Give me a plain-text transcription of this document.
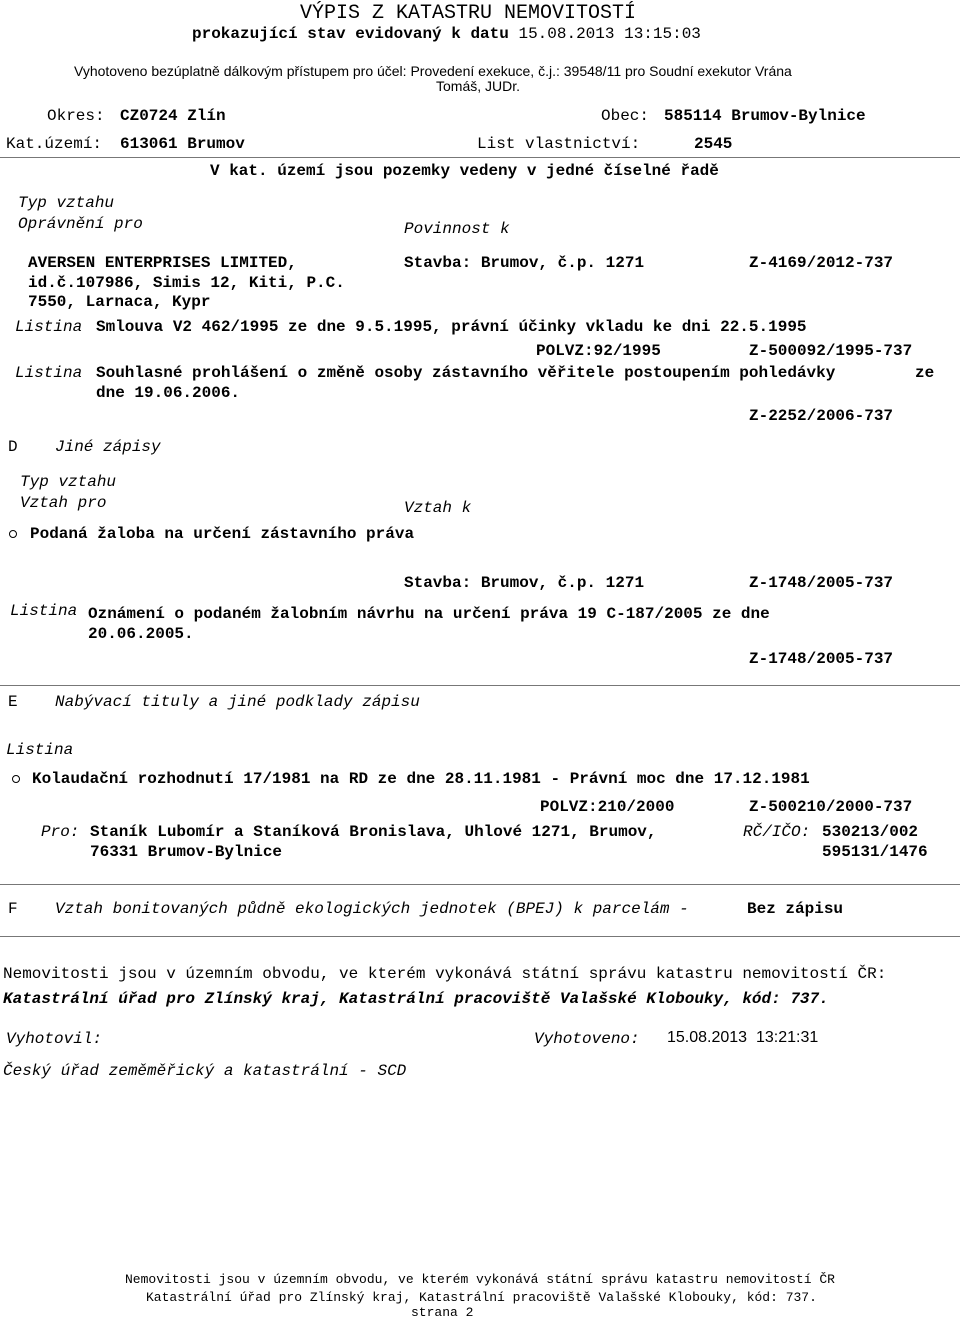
VÝPIS Z KATASTRU NEMOVITOSTÍ
prokazující stav evidovaný k datu 15.08.2013 13:15:03
Vyhotoveno bezúplatně dálkovým přístupem pro účel: Provedení exekuce, č.j.: 39548/11 pro Soudní exekutor Vrána
Tomáš, JUDr.
Okres: CZ0724 Zlín	Obec: 585114 Brumov-Bylnice
Kat.území: 613061 Brumov	List vlastnictví:	2545
V kat. území jsou pozemky vedeny v jedné číselné řadě
Typ vztahu
Oprávnění pro	Povinnost k
AVERSEN ENTERPRISES LIMITED,
id.č.107986, Simis 12, Kiti, P.C.
7550, Larnaca, Kypr
Stavba: Brumov, č.p. 1271	Z-4169/2012-737
Listina Smlouva V2 462/1995 ze dne 9.5.1995, právní účinky vkladu ke dni 22.5.1995
POLVZ:92/1995	Z-500092/1995-737
Listina Souhlasné prohlášení o změně osoby zástavního věřitele postoupením pohledávky	ze
dne 19.06.2006.
Z-2252/2006-737
D Jiné zápisy
Typ vztahu
Vztah pro	Vztah k
Podaná žaloba na určení zástavního práva
Stavba: Brumov, č.p. 1271	Z-1748/2005-737
Listina Oznámení o podaném žalobním návrhu na určení práva 19 C-187/2005 ze dne
20.06.2005.
Z-1748/2005-737
E Nabývací tituly a jiné podklady zápisu
Listina
Kolaudační rozhodnutí 17/1981 na RD ze dne 28.11.1981 - Právní moc dne 17.12.1981
POLVZ:210/2000	Z-500210/2000-737
Pro: Staník Lubomír a Staníková Bronislava, Uhlové 1271, Brumov,
76331 Brumov-Bylnice
RČ/IČO: 530213/002
595131/1476
F Vztah bonitovaných půdně ekologických jednotek (BPEJ) k parcelám -	Bez zápisu
Nemovitosti jsou v územním obvodu, ve kterém vykonává státní správu katastru nemovitostí ČR:
Katastrální úřad pro Zlínský kraj, Katastrální pracoviště Valašské Klobouky, kód: 737.
Vyhotovil:	Vyhotoveno: 15.08.2013  13:21:31
Český úřad zeměměřický a katastrální - SCD
Nemovitosti jsou v územním obvodu, ve kterém vykonává státní správu katastru nemovitostí ČR
Katastrální úřad pro Zlínský kraj, Katastrální pracoviště Valašské Klobouky, kód: 737.
strana 2
